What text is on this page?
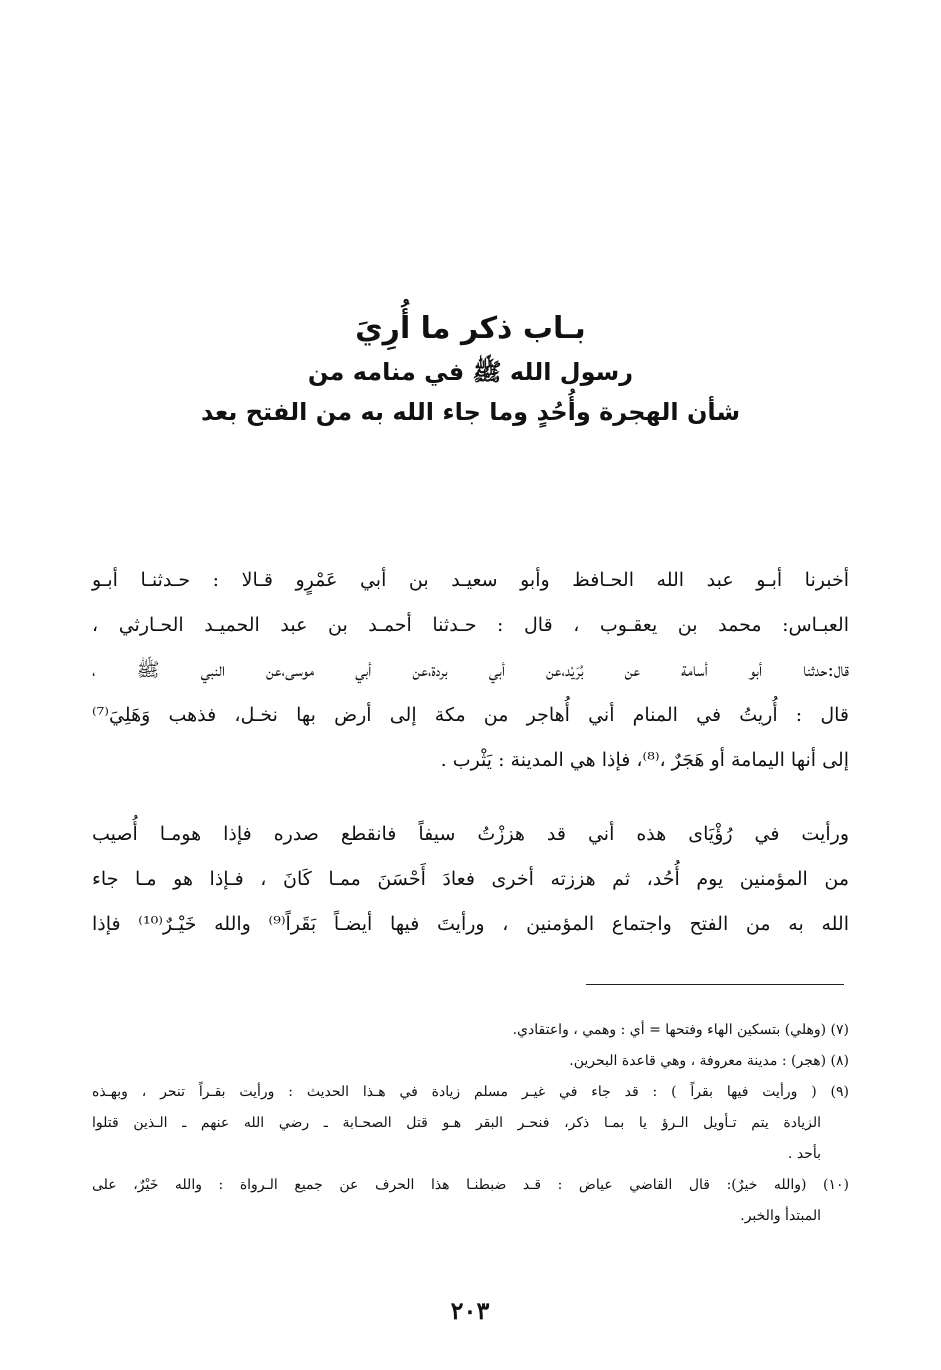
بـاب ذكر ما أُرِيَ
رسول الله ﷺ في منامه من
شأن الهجرة وأُحُدٍ وما جاء الله به من الفتح بعد
أخبرنا أبـو عبد الله الحـافظ وأبو سعيـد بن أبي عَمْرٍو قـالا : حـدثنـا أبـو
العبـاس: محمد بن يعقـوب ، قال : حـدثنا أحمـد بن عبد الحميـد الحـارثي ،
قال:حدثنا أبو أسامة عن بُرَيْد،عن أبي بردة،عن أبي موسى،عن النبي ﷺ ،
قال : أُريتُ في المنام أني أُهاجر من مكة إلى أرض بها نخـل، فذهب وَهَلِيَ⁽⁷⁾
إلى أنها اليمامة أو هَجَرٌ ،⁽⁸⁾، فإذا هي المدينة : يَثْرب .
ورأيت في رُؤْيَاى هذه أني قد هززْتُ سيفاً فانقطع صدره فإذا هومـا أُصيب
من المؤمنين يوم أُحُد، ثم هززته أخرى فعادَ أَحْسَنَ ممـا كَانَ ، فـإذا هو مـا جاء
الله به من الفتح واجتماع المؤمنين ، ورأيتَ فيها أيضـاً بَقَراً⁽⁹⁾ والله خَيْـرٌ⁽¹⁰⁾ فإذا
(٧) (وهلي) بتسكين الهاء وفتحها = أي : وهمي ، واعتقادي.
(٨) (هجر) : مدينة معروفة ، وهي قاعدة البحرين.
(٩) ( ورأيت فيها بقراً ) : قد جاء في غيـر مسلم زيادة في هـذا الحديث : ورأيت بقـراً تنحر ، وبهـذه
الزيادة يتم تـأويل الـرؤ يا بمـا ذكر، فنحـر البقر هـو قتل الصحـابة ـ رضي الله عنهم ـ الـذين قتلوا
بأحد .
(١٠) (والله خيرٌ): قال القاضي عياض : قـد ضبطنـا هذا الحرف عن جميع الـرواة : والله خَيْرٌ، على
المبتدأ والخبر.
٢٠٣
